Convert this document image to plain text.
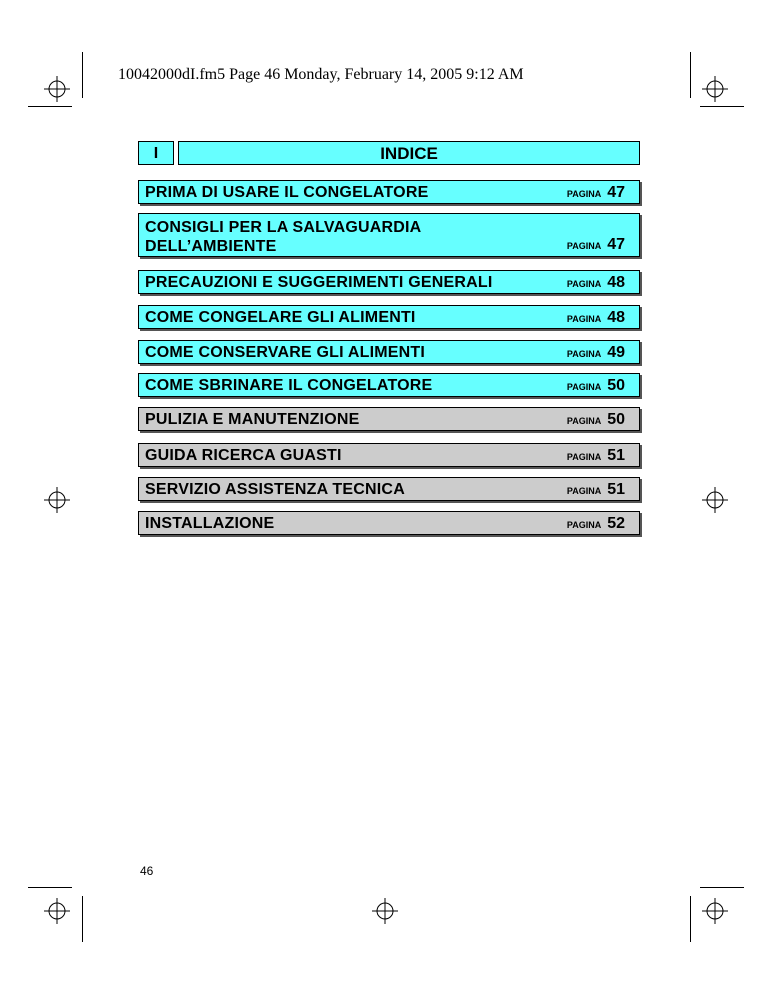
10042000dI.fm5 Page 46 Monday, February 14, 2005 9:12 AM
I	INDICE
PRIMA DI USARE IL CONGELATORE	PAGINA 47
CONSIGLI PER LA SALVAGUARDIA
DELL’AMBIENTE	PAGINA 47
PRECAUZIONI E SUGGERIMENTI GENERALI	PAGINA 48
COME CONGELARE GLI ALIMENTI	PAGINA 48
COME CONSERVARE GLI ALIMENTI	PAGINA 49
COME SBRINARE IL CONGELATORE	PAGINA 50
PULIZIA E MANUTENZIONE	PAGINA 50
GUIDA RICERCA GUASTI	PAGINA 51
SERVIZIO ASSISTENZA TECNICA	PAGINA 51
INSTALLAZIONE	PAGINA 52
46
